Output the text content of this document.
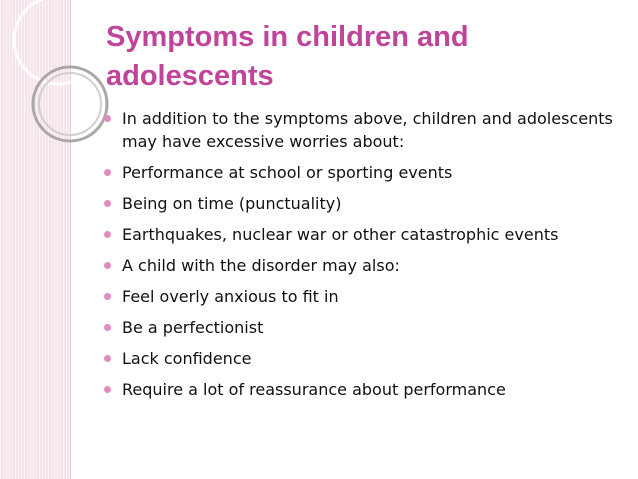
Symptoms in children and adolescents
In addition to the symptoms above, children and adolescents may have excessive worries about:
Performance at school or sporting events
Being on time (punctuality)
Earthquakes, nuclear war or other catastrophic events
A child with the disorder may also:
Feel overly anxious to fit in
Be a perfectionist
Lack confidence
Require a lot of reassurance about performance
